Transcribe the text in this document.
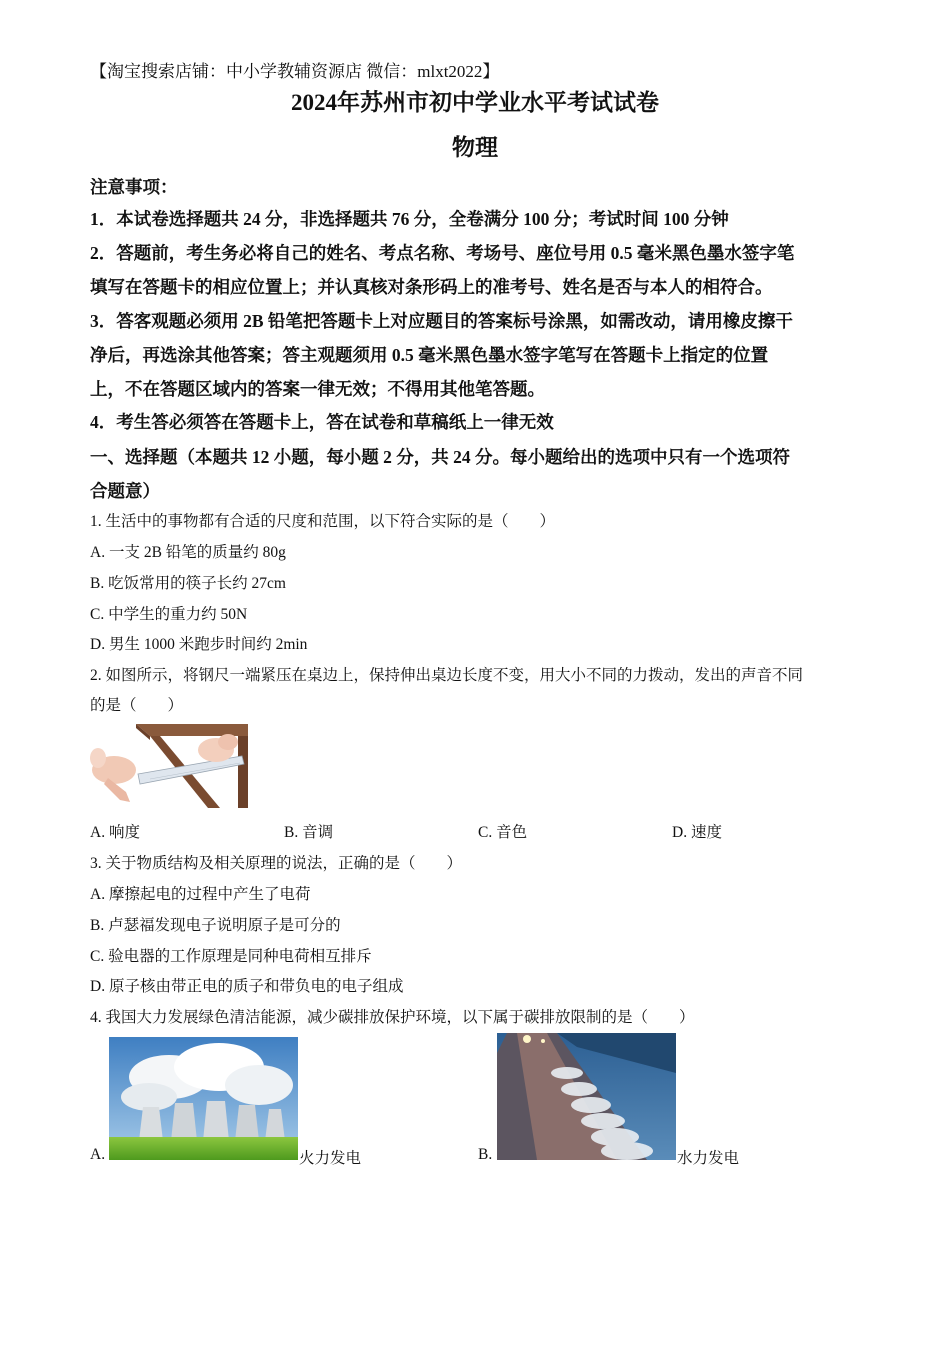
【淘宝搜索店铺：中小学教辅资源店 微信：mlxt2022】
2024年苏州市初中学业水平考试试卷
物理
注意事项：
1．本试卷选择题共 24 分，非选择题共 76 分，全卷满分 100 分；考试时间 100 分钟
2．答题前，考生务必将自己的姓名、考点名称、考场号、座位号用 0.5 毫米黑色墨水签字笔
填写在答题卡的相应位置上；并认真核对条形码上的准考号、姓名是否与本人的相符合。
3．答客观题必须用 2B 铅笔把答题卡上对应题目的答案标号涂黑，如需改动，请用橡皮擦干
净后，再选涂其他答案；答主观题须用 0.5 毫米黑色墨水签字笔写在答题卡上指定的位置
上，不在答题区域内的答案一律无效；不得用其他笔答题。
4．考生答必须答在答题卡上，答在试卷和草稿纸上一律无效
一、选择题（本题共 12 小题，每小题 2 分，共 24 分。每小题给出的选项中只有一个选项符
合题意）
1. 生活中的事物都有合适的尺度和范围，以下符合实际的是（　　）
A. 一支 2B 铅笔的质量约 80g
B. 吃饭常用的筷子长约 27cm
C. 中学生的重力约 50N
D. 男生 1000 米跑步时间约 2min
2. 如图所示，将钢尺一端紧压在桌边上，保持伸出桌边长度不变，用大小不同的力拨动，发出的声音不同
的是（　　）
A. 响度	B. 音调	C. 音色	D. 速度
3. 关于物质结构及相关原理的说法，正确的是（　　）
A. 摩擦起电的过程中产生了电荷
B. 卢瑟福发现电子说明原子是可分的
C. 验电器的工作原理是同种电荷相互排斥
D. 原子核由带正电的质子和带负电的电子组成
4. 我国大力发展绿色清洁能源，减少碳排放保护环境，以下属于碳排放限制的是（　　）
A.	火力发电	B.	水力发电
